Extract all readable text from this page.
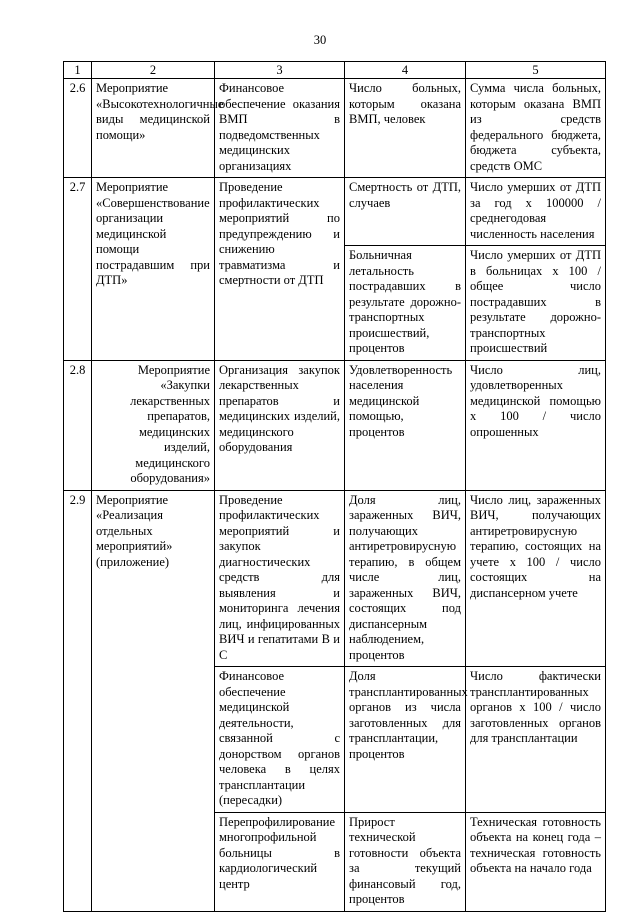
30
1	2	3	4	5
2.6	Мероприятие «Высокотехнологичные виды медицинской помощи»	Финансовое обеспечение оказания ВМП в подведомственных медицинских организациях	Число больных, которым оказана ВМП, человек	Сумма числа больных, которым оказана ВМП из средств федерального бюджета, бюджета субъекта, средств ОМС
2.7	Мероприятие «Совершенствование организации медицинской помощи пострадавшим при ДТП»	Проведение профилактических мероприятий по предупреждению и снижению травматизма и смертности от ДТП	Смертность от ДТП, случаев	Число умерших от ДТП за год х 100000 / среднегодовая численность населения
			Больничная летальность пострадавших в результате дорожно-транспортных происшествий, процентов	Число умерших от ДТП в больницах х 100 / общее число пострадавших в результате дорожно-транспортных происшествий
2.8	Мероприятие «Закупки лекарственных препаратов, медицинских изделий, медицинского оборудования»	Организация закупок лекарственных препаратов и медицинских изделий, медицинского оборудования	Удовлетворенность населения медицинской помощью, процентов	Число лиц, удовлетворенных медицинской помощью х 100 / число опрошенных
2.9	Мероприятие «Реализация отдельных мероприятий» (приложение)	Проведение профилактических мероприятий и закупок диагностических средств для выявления и мониторинга лечения лиц, инфицированных ВИЧ и гепатитами B и C	Доля лиц, зараженных ВИЧ, получающих антиретровирусную терапию, в общем числе лиц, зараженных ВИЧ, состоящих под диспансерным наблюдением, процентов	Число лиц, зараженных ВИЧ, получающих антиретровирусную терапию, состоящих на учете х 100 / число состоящих на диспансерном учете
		Финансовое обеспечение медицинской деятельности, связанной с донорством органов человека в целях трансплантации (пересадки)	Доля трансплантированных органов из числа заготовленных для трансплантации, процентов	Число фактически трансплантированных органов х 100 / число заготовленных органов для трансплантации
		Перепрофилирование многопрофильной больницы в кардиологический центр	Прирост технической готовности объекта за текущий финансовый год, процентов	Техническая готовность объекта на конец года – техническая готовность объекта на начало года
